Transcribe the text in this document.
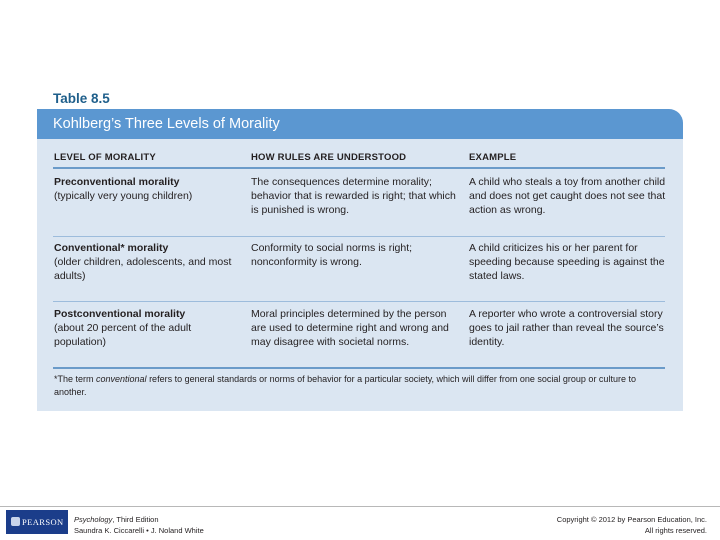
Table 8.5
Kohlberg’s Three Levels of Morality
LEVEL OF MORALITY	HOW RULES ARE UNDERSTOOD	EXAMPLE
Preconventional morality
(typically very young children)
The consequences determine morality; behavior that is rewarded is right; that which is punished is wrong.
A child who steals a toy from another child and does not get caught does not see that action as wrong.
Conventional* morality
(older children, adolescents, and most adults)
Conformity to social norms is right; nonconformity is wrong.
A child criticizes his or her parent for speeding because speeding is against the stated laws.
Postconventional morality
(about 20 percent of the adult population)
Moral principles determined by the person are used to determine right and wrong and may disagree with societal norms.
A reporter who wrote a controversial story goes to jail rather than reveal the source’s identity.
*The term conventional refers to general standards or norms of behavior for a particular society, which will differ from one social group or culture to another.
PEARSON Psychology, Third Edition
Saundra K. Ciccarelli • J. Noland White
Copyright © 2012 by Pearson Education, Inc.
All rights reserved.
